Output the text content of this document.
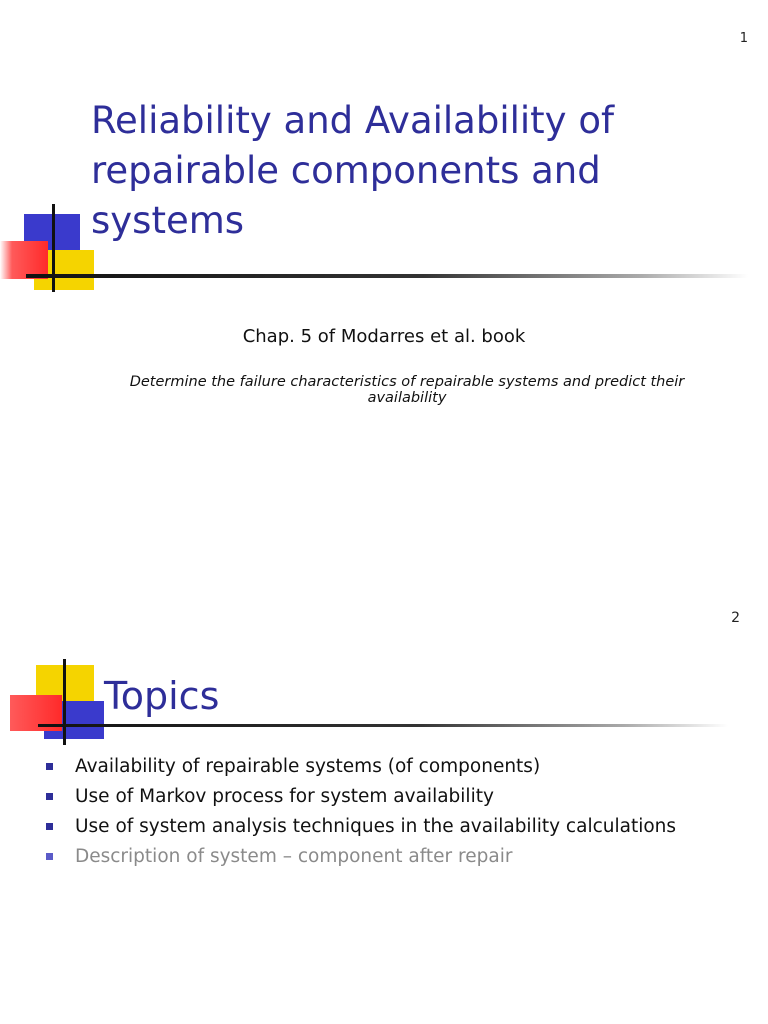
1
Reliability and Availability of repairable components and systems
Chap. 5 of Modarres et al. book
Determine the failure characteristics of repairable systems and predict their availability
2
Topics
Availability of repairable systems (of components)
Use of Markov process for system availability
Use of system analysis techniques in the availability calculations
Description of system – component after repair
